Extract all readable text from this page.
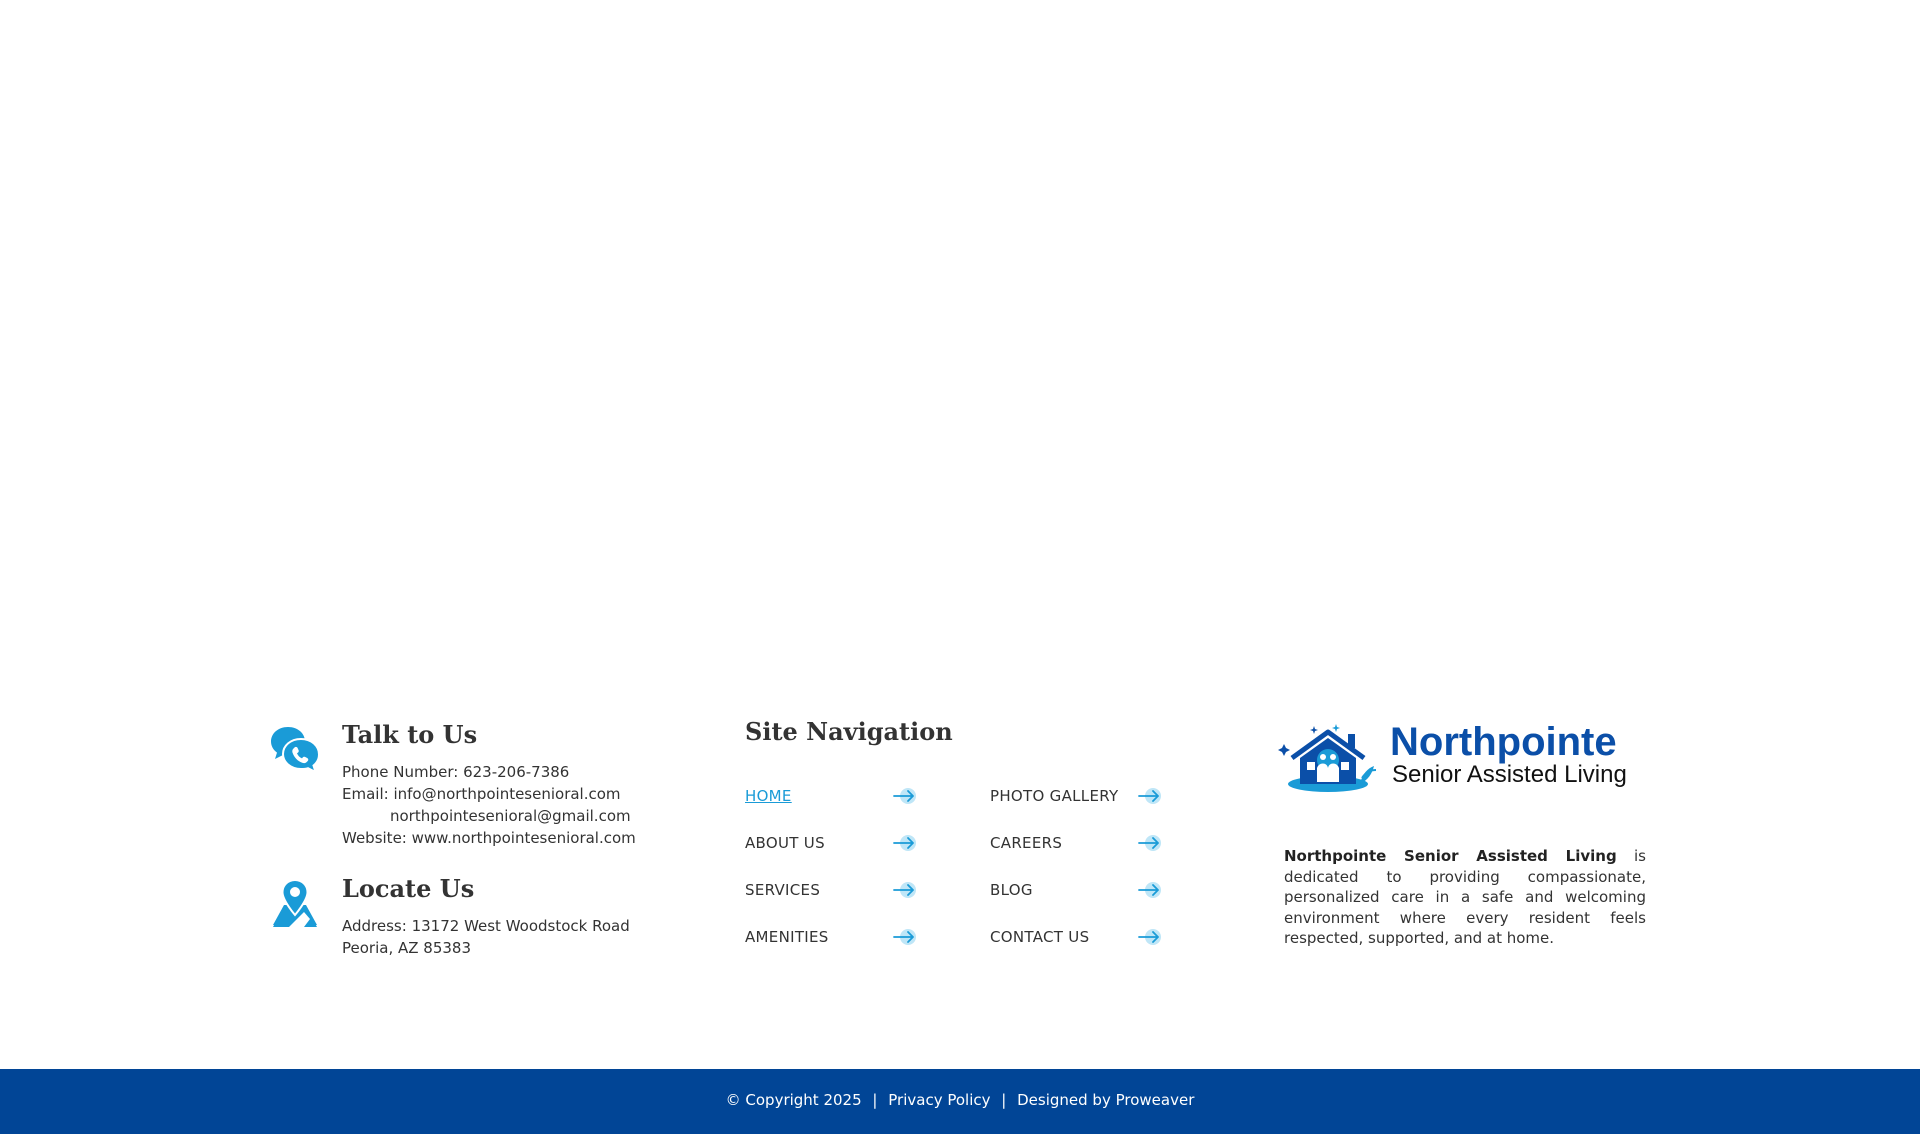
Talk to Us
Phone Number: 623-206-7386
Email: info@northpointesenioral.com
northpointesenioral@gmail.com
Website: www.northpointesenioral.com
Locate Us
Address: 13172 West Woodstock Road
Peoria, AZ 85383
Site Navigation
HOME	PHOTO GALLERY
ABOUT US	CAREERS
SERVICES	BLOG
AMENITIES	CONTACT US
Northpointe
Senior Assisted Living
Northpointe Senior Assisted Living is dedicated to providing compassionate, personalized care in a safe and welcoming environment where every resident feels respected, supported, and at home.
© Copyright 2025 | Privacy Policy | Designed by Proweaver
